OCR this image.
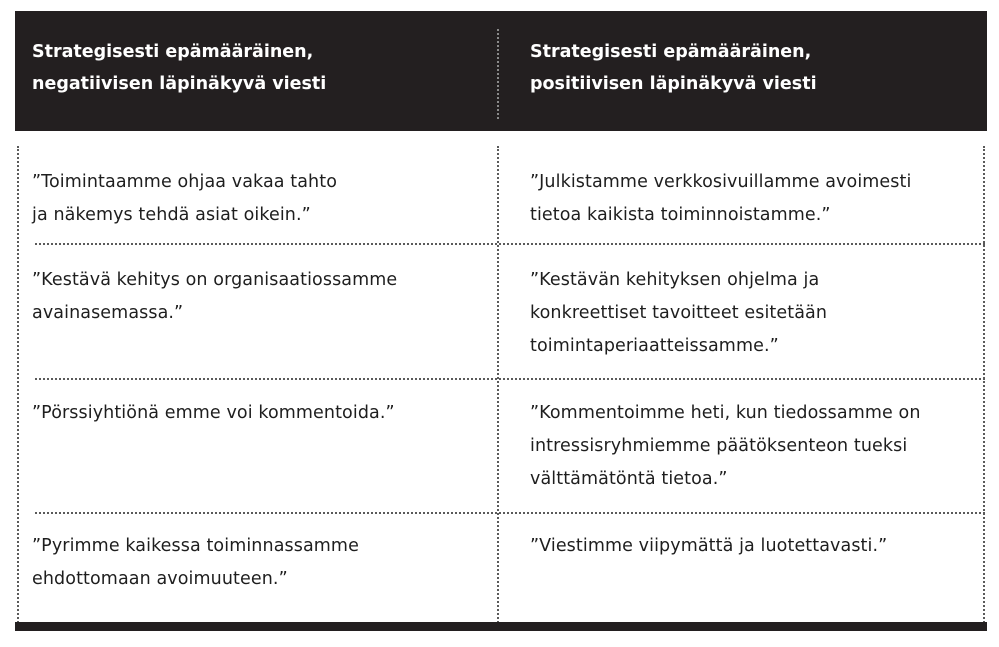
Strategisesti epämääräinen,
negatiivisen läpinäkyvä viesti
Strategisesti epämääräinen,
positiivisen läpinäkyvä viesti
”Toimintaamme ohjaa vakaa tahto
ja näkemys tehdä asiat oikein.”
”Julkistamme verkkosivuillamme avoimesti
tietoa kaikista toiminnoistamme.”
”Kestävä kehitys on organisaatiossamme
avainasemassa.”
”Kestävän kehityksen ohjelma ja
konkreettiset tavoitteet esitetään
toimintaperiaatteissamme.”
”Pörssiyhtiönä emme voi kommentoida.”	”Kommentoimme heti, kun tiedossamme on
intressisryhmiemme päätöksenteon tueksi
välttämätöntä tietoa.”
”Pyrimme kaikessa toiminnassamme
ehdottomaan avoimuuteen.”
”Viestimme viipymättä ja luotettavasti.”
